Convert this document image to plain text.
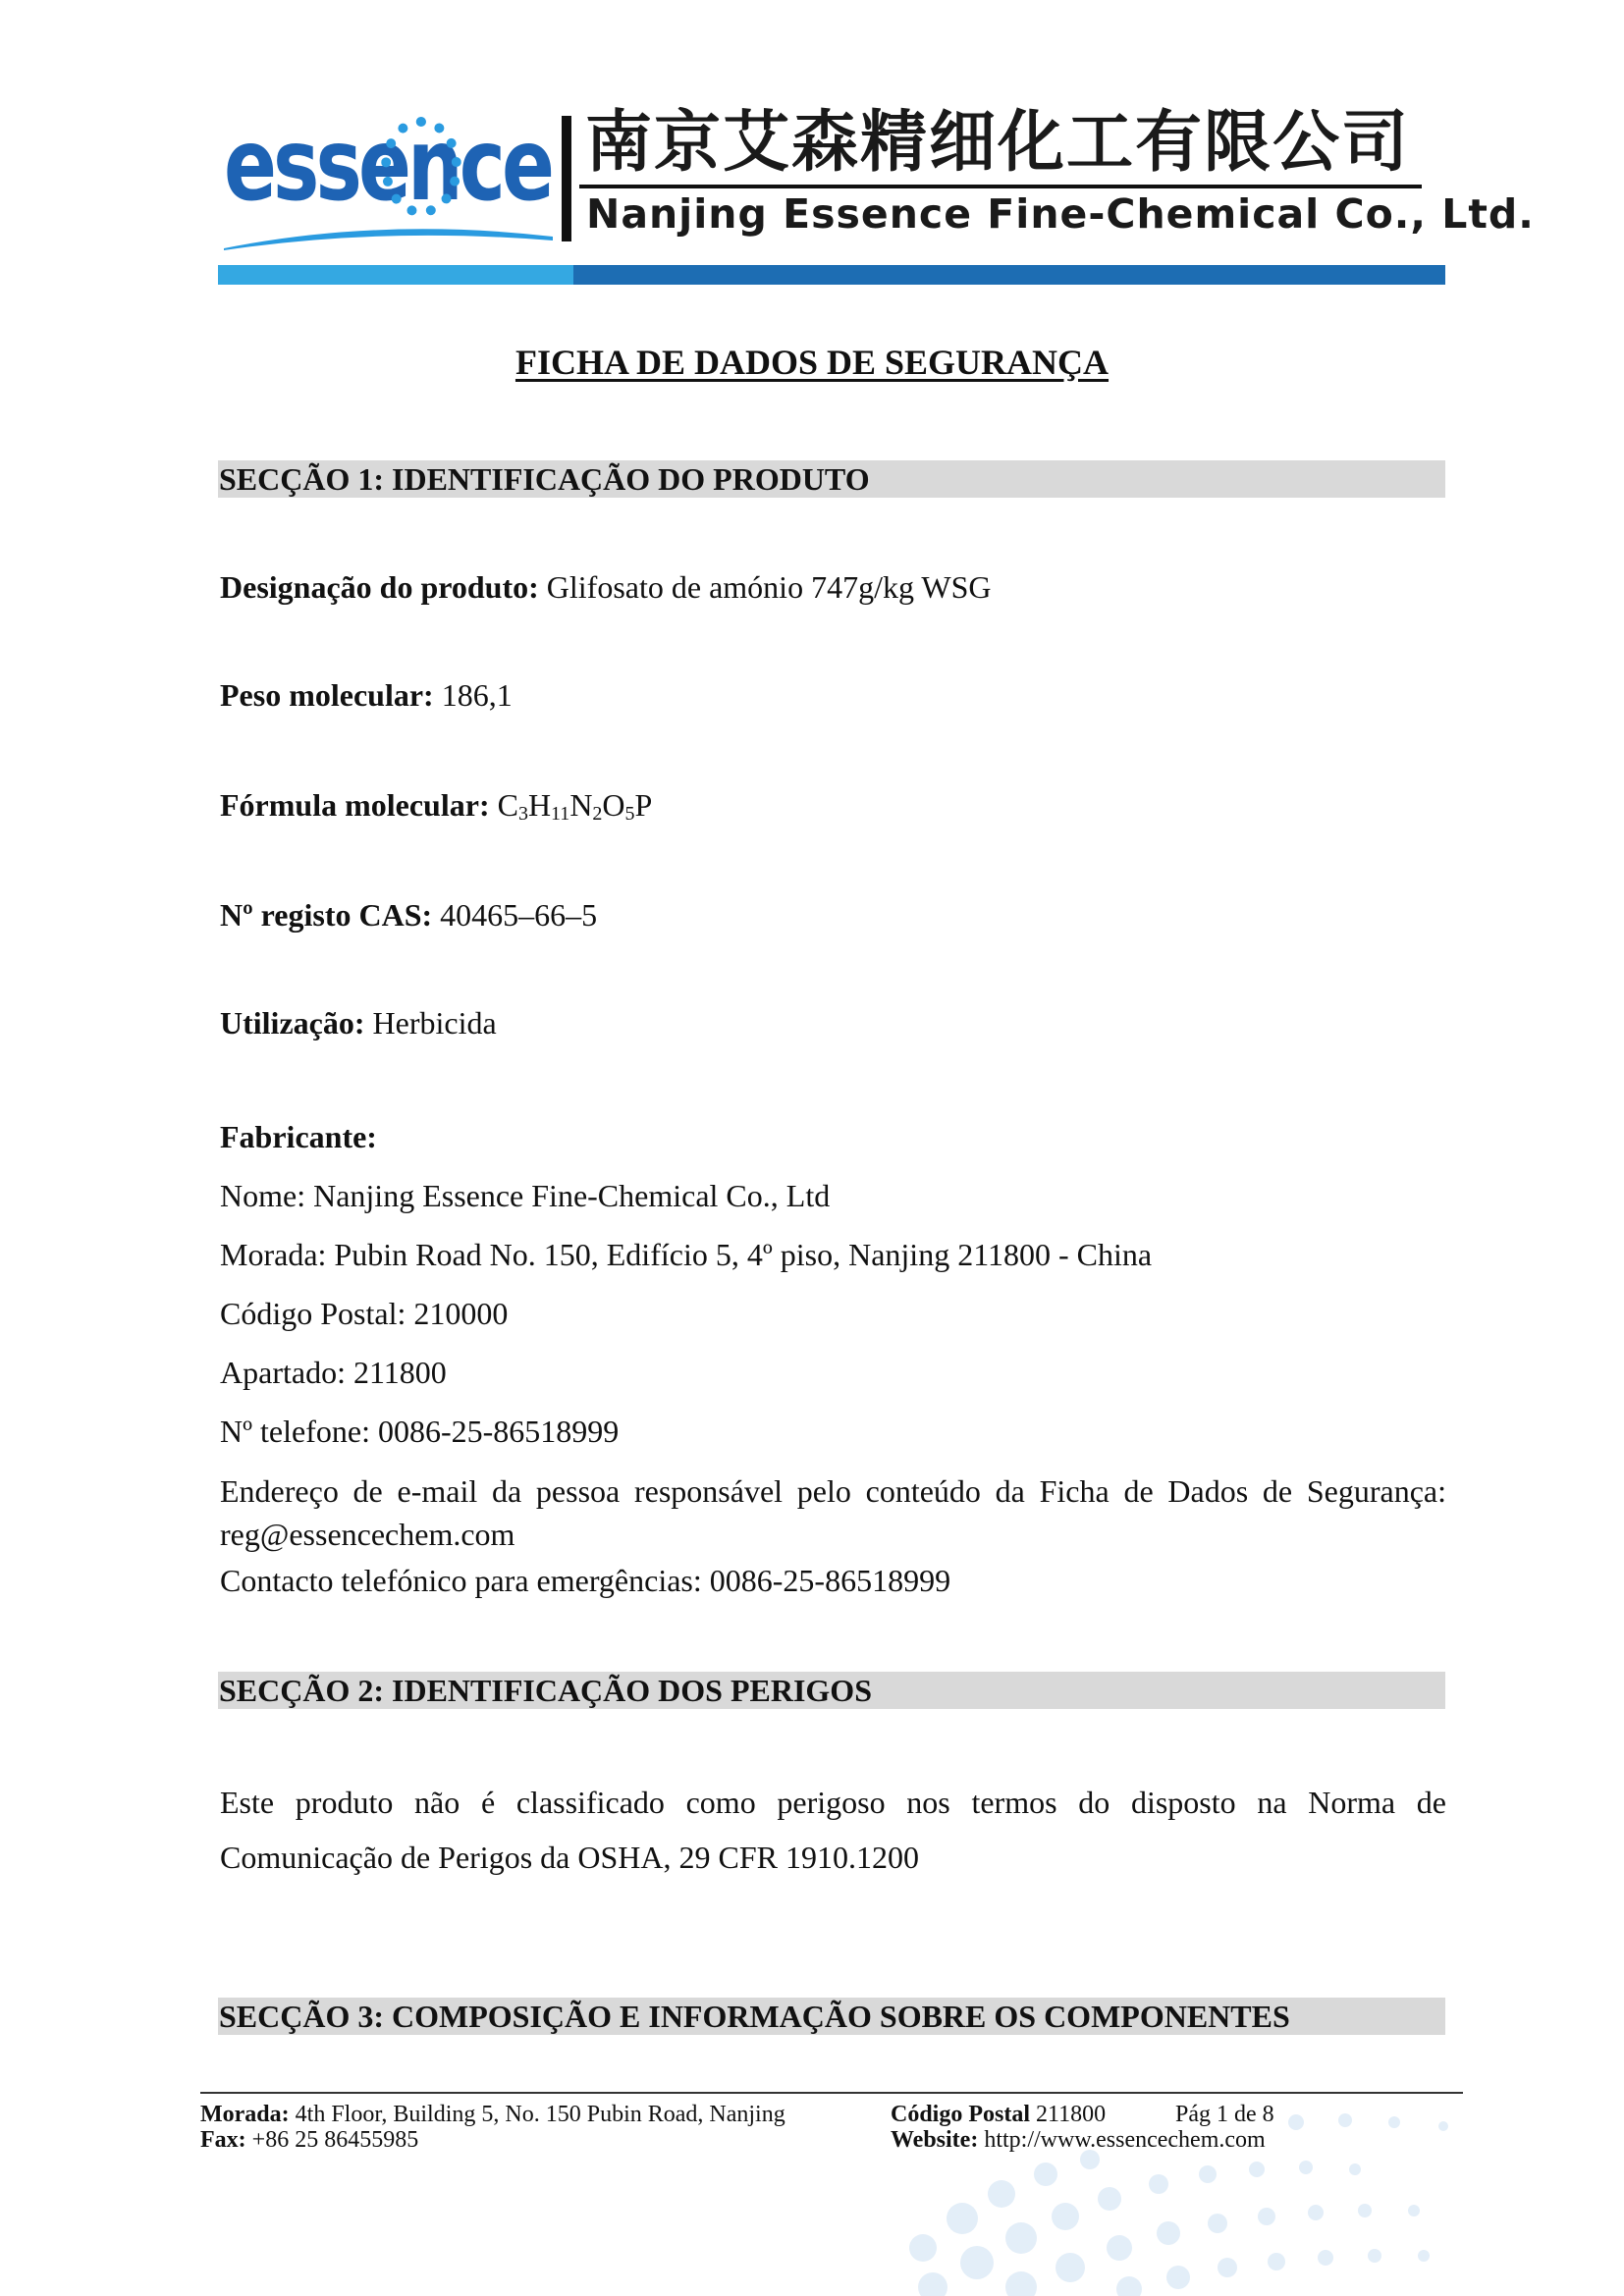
essence 南京艾森精细化工有限公司
Nanjing Essence Fine-Chemical Co., Ltd.
FICHA DE DADOS DE SEGURANÇA
SECÇÃO 1: IDENTIFICAÇÃO DO PRODUTO
Designação do produto: Glifosato de amónio 747g/kg WSG
Peso molecular: 186,1
Fórmula molecular: $C_3H_{11}N_2O_5P$
Nº registo CAS: 40465–66–5
Utilização: Herbicida
Fabricante:
Nome: Nanjing Essence Fine-Chemical Co., Ltd
Morada: Pubin Road No. 150, Edifício 5, 4º piso, Nanjing 211800 - China
Código Postal: 210000
Apartado: 211800
Nº telefone: 0086-25-86518999
Endereço de e-mail da pessoa responsável pelo conteúdo da Ficha de Dados de Segurança: reg@essencechem.com
Contacto telefónico para emergências: 0086-25-86518999
SECÇÃO 2: IDENTIFICAÇÃO DOS PERIGOS
Este produto não é classificado como perigoso nos termos do disposto na Norma de Comunicação de Perigos da OSHA, 29 CFR 1910.1200
SECÇÃO 3: COMPOSIÇÃO E INFORMAÇÃO SOBRE OS COMPONENTES
Morada: 4th Floor, Building 5, No. 150 Pubin Road, Nanjing
Fax: +86 25 86455985
Código Postal 211800	Pág 1 de 8
Website: http://www.essencechem.com
